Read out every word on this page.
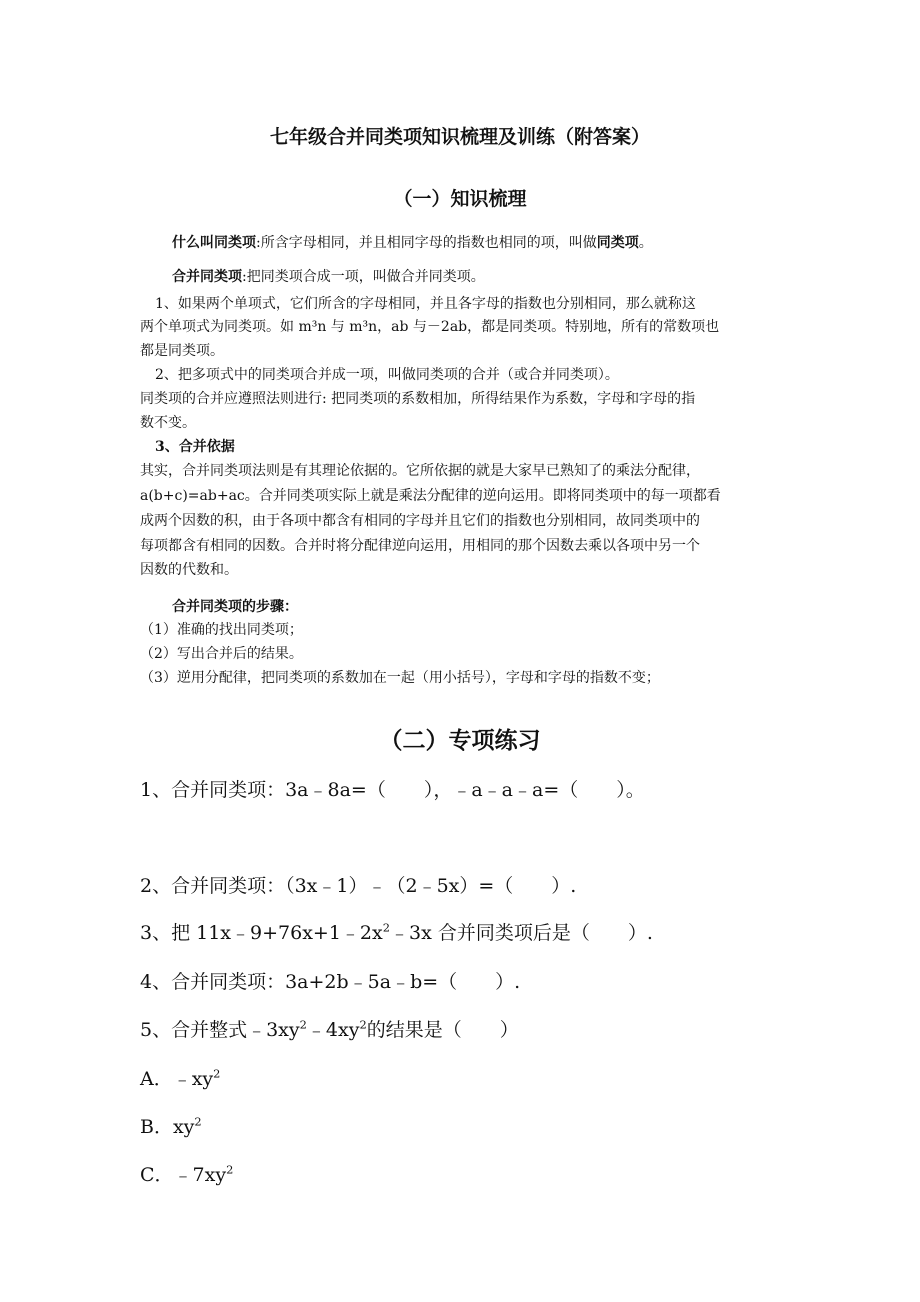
七年级合并同类项知识梳理及训练（附答案）
（一）知识梳理
什么叫同类项:所含字母相同，并且相同字母的指数也相同的项，叫做同类项。
合并同类项:把同类项合成一项，叫做合并同类项。
1、如果两个单项式，它们所含的字母相同，并且各字母的指数也分别相同，那么就称这
两个单项式为同类项。如 m³n 与 m³n，ab 与－2ab，都是同类项。特别地，所有的常数项也
都是同类项。
2、把多项式中的同类项合并成一项，叫做同类项的合并（或合并同类项）。
同类项的合并应遵照法则进行: 把同类项的系数相加，所得结果作为系数，字母和字母的指
数不变。
3、合并依据
其实，合并同类项法则是有其理论依据的。它所依据的就是大家早已熟知了的乘法分配律，
a(b+c)=ab+ac。合并同类项实际上就是乘法分配律的逆向运用。即将同类项中的每一项都看
成两个因数的积，由于各项中都含有相同的字母并且它们的指数也分别相同，故同类项中的
每项都含有相同的因数。合并时将分配律逆向运用，用相同的那个因数去乘以各项中另一个
因数的代数和。
合并同类项的步骤：
（1）准确的找出同类项；
（2）写出合并后的结果。
（3）逆用分配律，把同类项的系数加在一起（用小括号），字母和字母的指数不变；
（二）专项练习
1、合并同类项：3a﹣8a=（　　），﹣a﹣a﹣a=（　　）。
2、合并同类项：（3x﹣1）﹣（2﹣5x）=（　　）.
3、把 $11x﹣9+76x+1﹣2x^2﹣3x$ 合并同类项后是（　　）.
4、合并同类项：3a+2b﹣5a﹣b=（　　）.
5、合并整式$﹣3xy^2﹣4xy^2$的结果是（　　）
A．$﹣xy^2$
B．$xy^2$
C．$﹣7xy^2$
